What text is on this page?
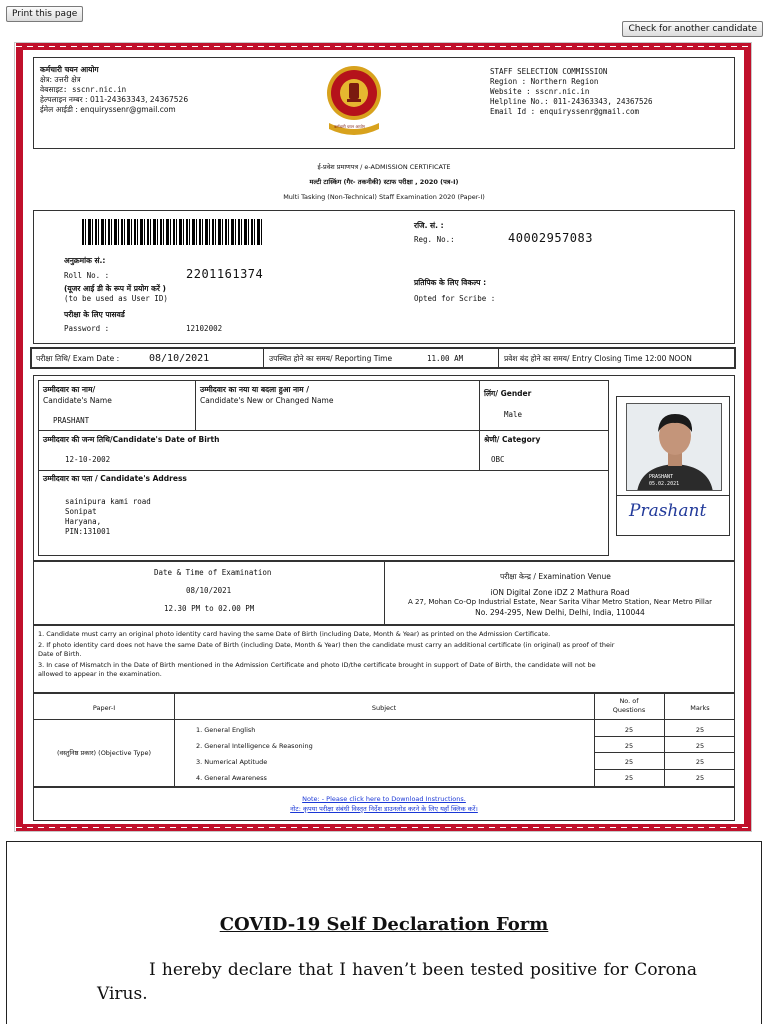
Print this page
Check for another candidate
कर्मचारी चयन आयोग
क्षेत्र: उत्तरी क्षेत्र
वेबसाइट: sscnr.nic.in
हेल्पलाइन नम्बर : 011-24363343, 24367526
ईमेल आईडी : enquiryssenr@gmail.com
कर्मचारी चयन आयोग
STAFF SELECTION COMMISSION
Region : Northern Region
Website : sscnr.nic.in
Helpline No.: 011-24363343, 24367526
Email Id : enquiryssenr@gmail.com
ई-प्रवेश प्रमाणपत्र / e-ADMISSION CERTIFICATE
मल्टी टास्किंग (गैर- तकनीकी) स्टाफ परीक्षा , 2020 (पत्र-I)
Multi Tasking (Non-Technical) Staff Examination 2020 (Paper-I)
रजि. सं. :
Reg. No.:	40002957083
अनुक्रमांक सं.:
Roll No. :	2201161374
(यूजर आई डी के रूप में प्रयोग करें )
(to be used as User ID)
प्रतिपिक के लिए विकल्प :
Opted for Scribe :
परीक्षा के लिए पासवर्ड
Password :	12102002
परीक्षा तिथि/ Exam Date :	08/10/2021	उपस्थित होने का समय/ Reporting Time	11.00 AM	प्रवेश बंद होने का समय/ Entry Closing Time 12:00 NOON
उम्मीदवार का नाम/
Candidate's Name
PRASHANT
उम्मीदवार का नया या बदला हुआ नाम /
Candidate's New or Changed Name
लिंग/ Gender
Male
उम्मीदवार की जन्म तिथि/Candidate's Date of Birth
12-10-2002
श्रेणी/ Category
OBC
उम्मीदवार का पता / Candidate's Address
sainipura kami road
Sonipat
Haryana,
PIN:131001
PRASHANT
05.02.2021
Prashant
Date & Time of Examination
08/10/2021
12.30 PM to 02.00 PM
परीक्षा केन्द्र / Examination Venue
iON Digital Zone iDZ 2 Mathura Road
A 27, Mohan Co-Op Industrial Estate, Near Sarita Vihar Metro Station, Near Metro Pillar
No. 294-295, New Delhi, Delhi, India, 110044
1. Candidate must carry an original photo identity card having the same Date of Birth (including Date, Month & Year) as printed on the Admission Certificate.
2. If photo identity card does not have the same Date of Birth (including Date, Month & Year) then the candidate must carry an additional certificate (in original) as proof of their
Date of Birth.
3. In case of Mismatch in the Date of Birth mentioned in the Admission Certificate and photo ID/the certificate brought in support of Date of Birth, the candidate will not be
allowed to appear in the examination.
Paper-I	Subject
No. of
Questions	Marks
(वस्तुनिष्ठ प्रकार) (Objective Type)
1. General English	25	25
2. General Intelligence & Reasoning	25	25
3. Numerical Aptitude	25	25
4. General Awareness	25	25
Note: - Please click here to Download Instructions.
नोट: कृपया परीक्षा संबंधी विस्तृत निर्देश डाउनलोड करने के लिए यहाँ क्लिक करें।
COVID-19 Self Declaration Form
I hereby declare that I haven’t been tested positive for Corona Virus.
